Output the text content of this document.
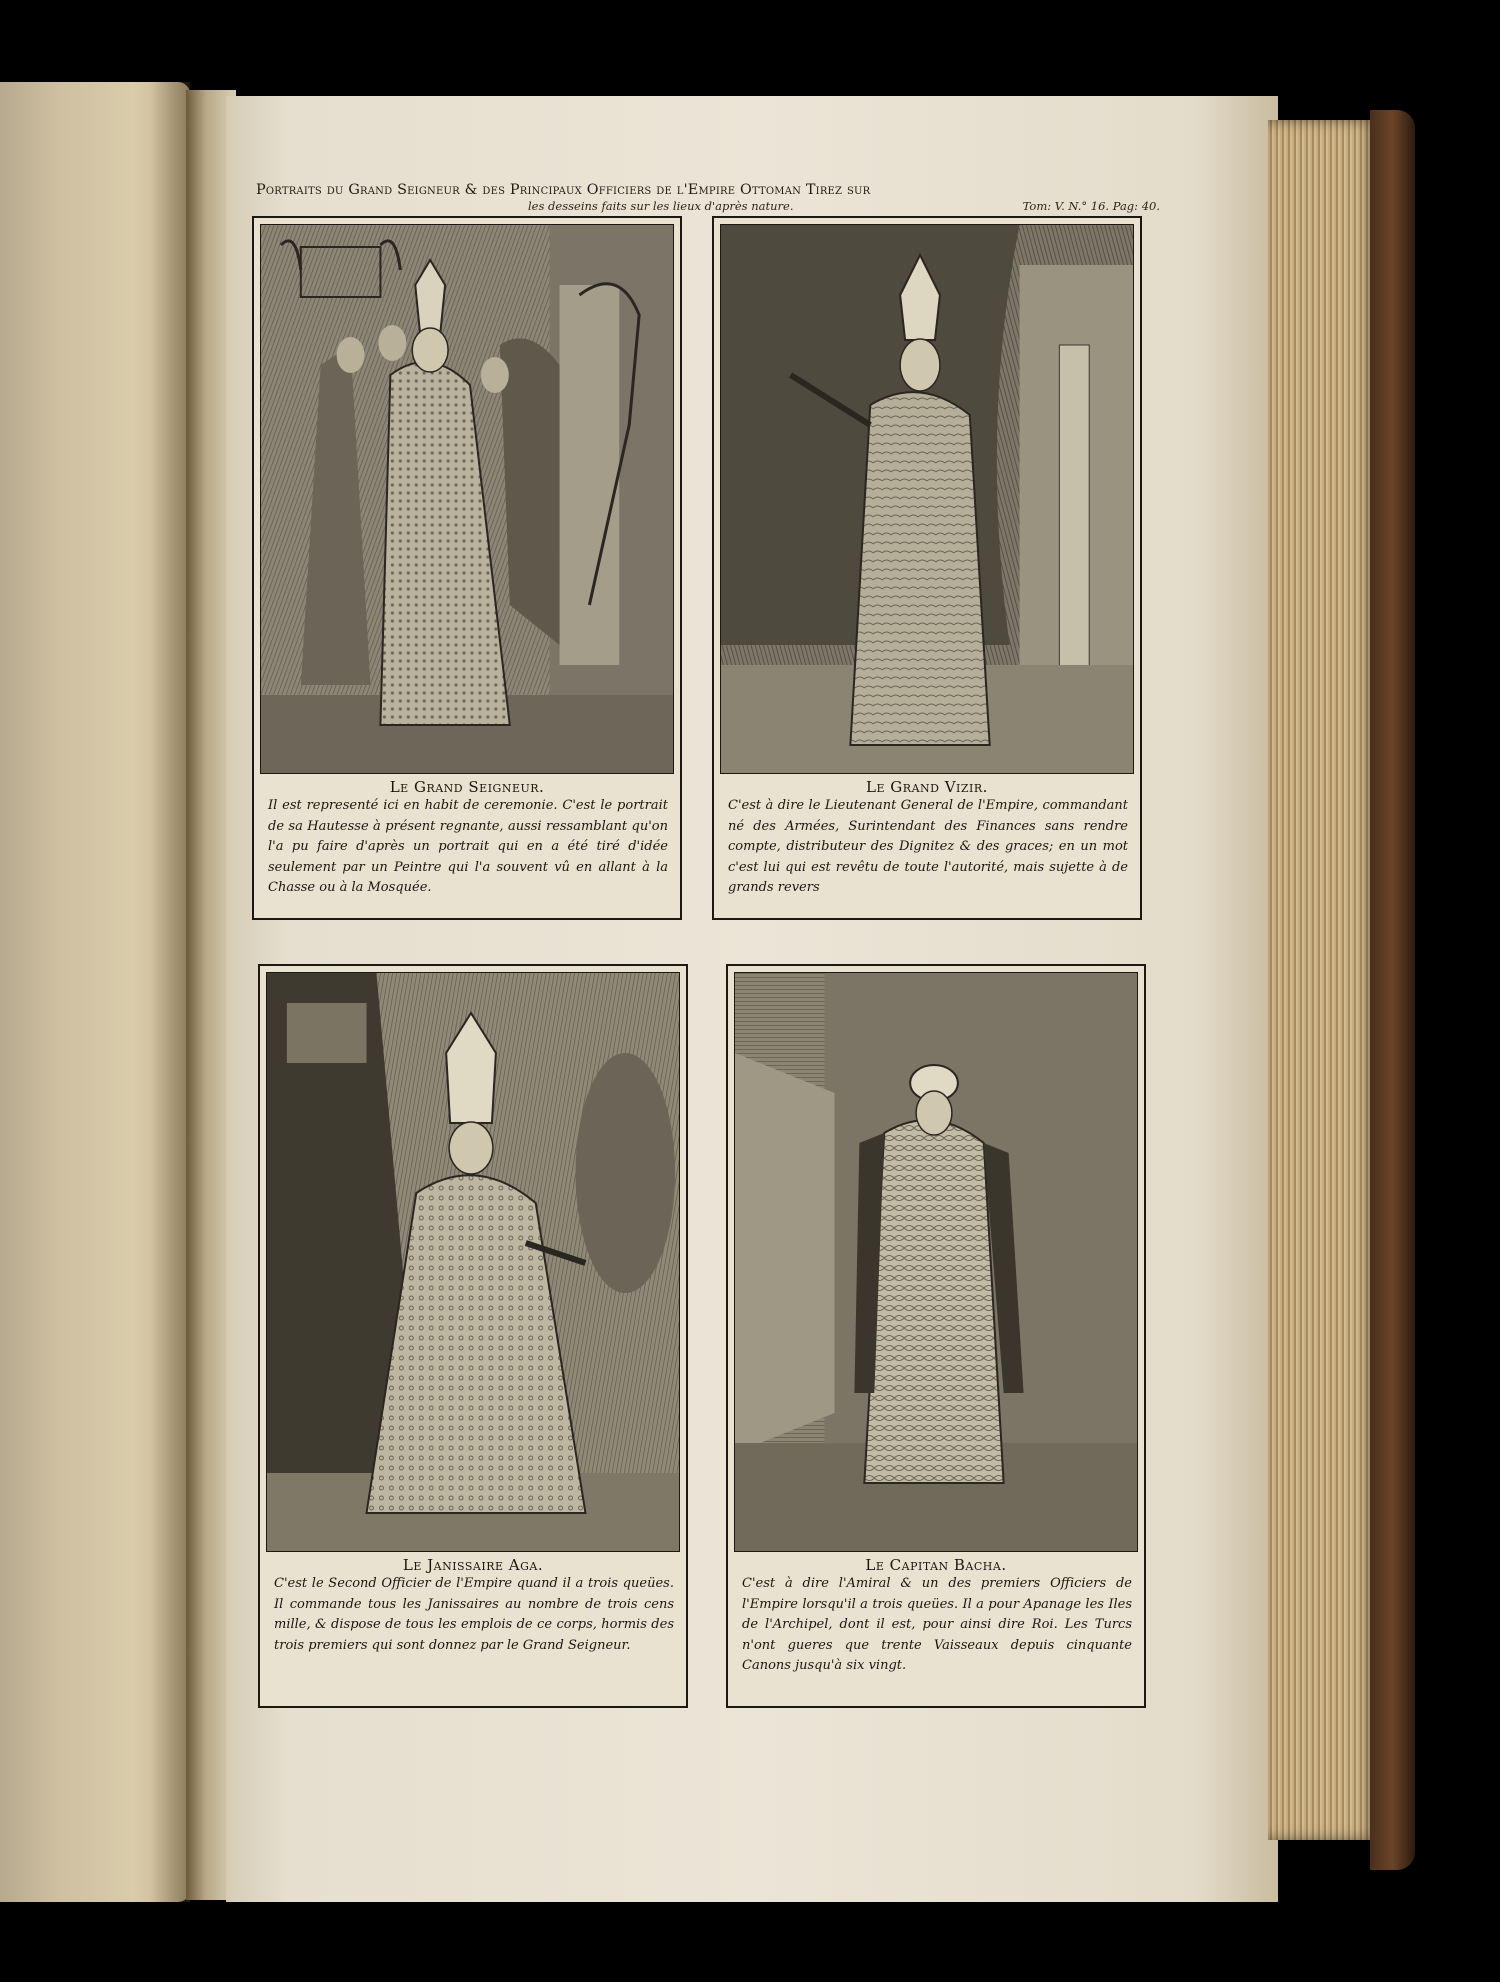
Portraits du Grand Seigneur & des Principaux Officiers de l'Empire Ottoman Tirez sur
les desseins faits sur les lieux d'après nature.	Tom: V. N.° 16. Pag: 40.
Le Grand Seigneur.
Il est representé ici en habit de ceremonie. C'est le portrait de sa Hautesse à présent regnante, aussi ressamblant qu'on l'a pu faire d'après un portrait qui en a été tiré d'idée seulement par un Peintre qui l'a souvent vû en allant à la Chasse ou à la Mosquée.
Le Grand Vizir.
C'est à dire le Lieutenant General de l'Empire, commandant né des Armées, Surintendant des Finances sans rendre compte, distributeur des Dignitez & des graces; en un mot c'est lui qui est revêtu de toute l'autorité, mais sujette à de grands revers
Le Janissaire Aga.
C'est le Second Officier de l'Empire quand il a trois queües. Il commande tous les Janissaires au nombre de trois cens mille, & dispose de tous les emplois de ce corps, hormis des trois premiers qui sont donnez par le Grand Seigneur.
Le Capitan Bacha.
C'est à dire l'Amiral & un des premiers Officiers de l'Empire lorsqu'il a trois queües. Il a pour Apanage les Iles de l'Archipel, dont il est, pour ainsi dire Roi. Les Turcs n'ont gueres que trente Vaisseaux depuis cinquante Canons jusqu'à six vingt.
